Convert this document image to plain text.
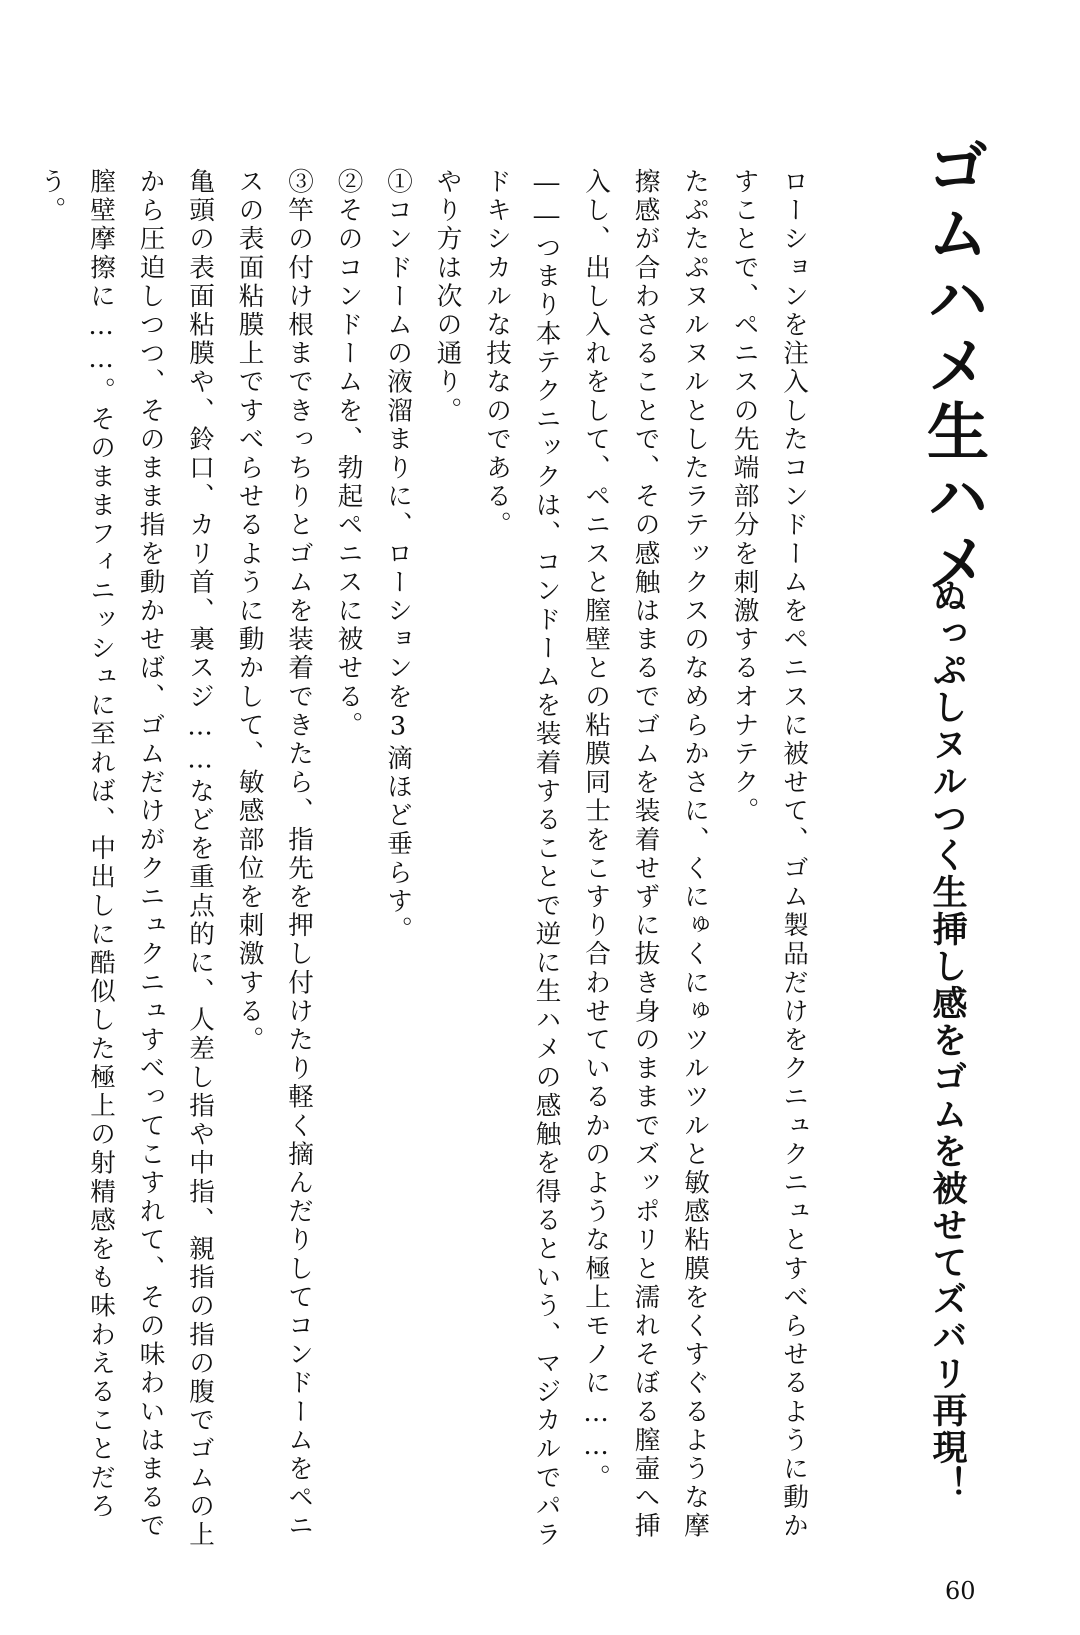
ゴムハメ生ハメ
ぬっぷしヌルつく生挿し感をゴムを被せてズバリ再現！

ローションを注入したコンドームをペニスに被せて、ゴム製品だけをクニュクニュとすべらせるように動かすことで、ペニスの先端部分を刺激するオナテク。

たぷたぷヌルヌルとしたラテックスのなめらかさに、くにゅくにゅツルツルと敏感粘膜をくすぐるような摩擦感が合わさることで、その感触はまるでゴムを装着せずに抜き身のままでズッポリと濡れそぼる膣壷へ挿入し、出し入れをして、ペニスと膣壁との粘膜同士をこすり合わせているかのような極上モノに……。

――つまり本テクニックは、コンドームを装着することで逆に生ハメの感触を得るという、マジカルでパラドキシカルな技なのである。

やり方は次の通り。

①コンドームの液溜まりに、ローションを3滴ほど垂らす。

②そのコンドームを、勃起ペニスに被せる。

③竿の付け根まできっちりとゴムを装着できたら、指先を押し付けたり軽く摘んだりしてコンドームをペニスの表面粘膜上ですべらせるように動かして、敏感部位を刺激する。

亀頭の表面粘膜や、鈴口、カリ首、裏スジ……などを重点的に、人差し指や中指、親指の指の腹でゴムの上から圧迫しつつ、そのまま指を動かせば、ゴムだけがクニュクニュすべってこすれて、その味わいはまるで膣壁摩擦に……。そのままフィニッシュに至れば、中出しに酷似した極上の射精感をも味わえることだろう。

60
